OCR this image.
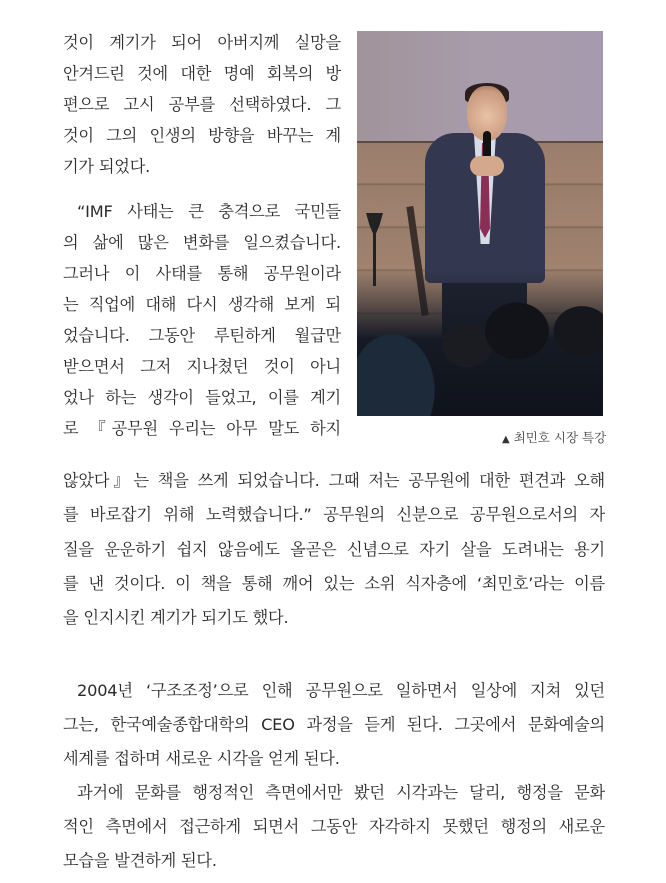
것이 계기가 되어 아버지께 실망을
안겨드린 것에 대한 명예 회복의 방
편으로 고시 공부를 선택하였다. 그
것이 그의 인생의 방향을 바꾸는 계
기가 되었다.
“IMF 사태는 큰 충격으로 국민들
의 삶에 많은 변화를 일으켰습니다.
그러나 이 사태를 통해 공무원이라
는 직업에 대해 다시 생각해 보게 되
었습니다. 그동안 루틴하게 월급만
받으면서 그저 지나쳤던 것이 아니
었나 하는 생각이 들었고, 이를 계기
로 『공무원 우리는 아무 말도 하지
않았다』는 책을 쓰게 되었습니다. 그때 저는 공무원에 대한 편견과 오해
를 바로잡기 위해 노력했습니다.” 공무원의 신분으로 공무원으로서의 자
질을 운운하기 쉽지 않음에도 올곧은 신념으로 자기 살을 도려내는 용기
를 낸 것이다. 이 책을 통해 깨어 있는 소위 식자층에 ‘최민호’라는 이름
을 인지시킨 계기가 되기도 했다.
2004년 ‘구조조정’으로 인해 공무원으로 일하면서 일상에 지쳐 있던
그는, 한국예술종합대학의 CEO 과정을 듣게 된다. 그곳에서 문화예술의
세계를 접하며 새로운 시각을 얻게 된다.
과거에 문화를 행정적인 측면에서만 봤던 시각과는 달리, 행정을 문화
적인 측면에서 접근하게 되면서 그동안 자각하지 못했던 행정의 새로운
모습을 발견하게 된다.
▲ 최민호 시장 특강
